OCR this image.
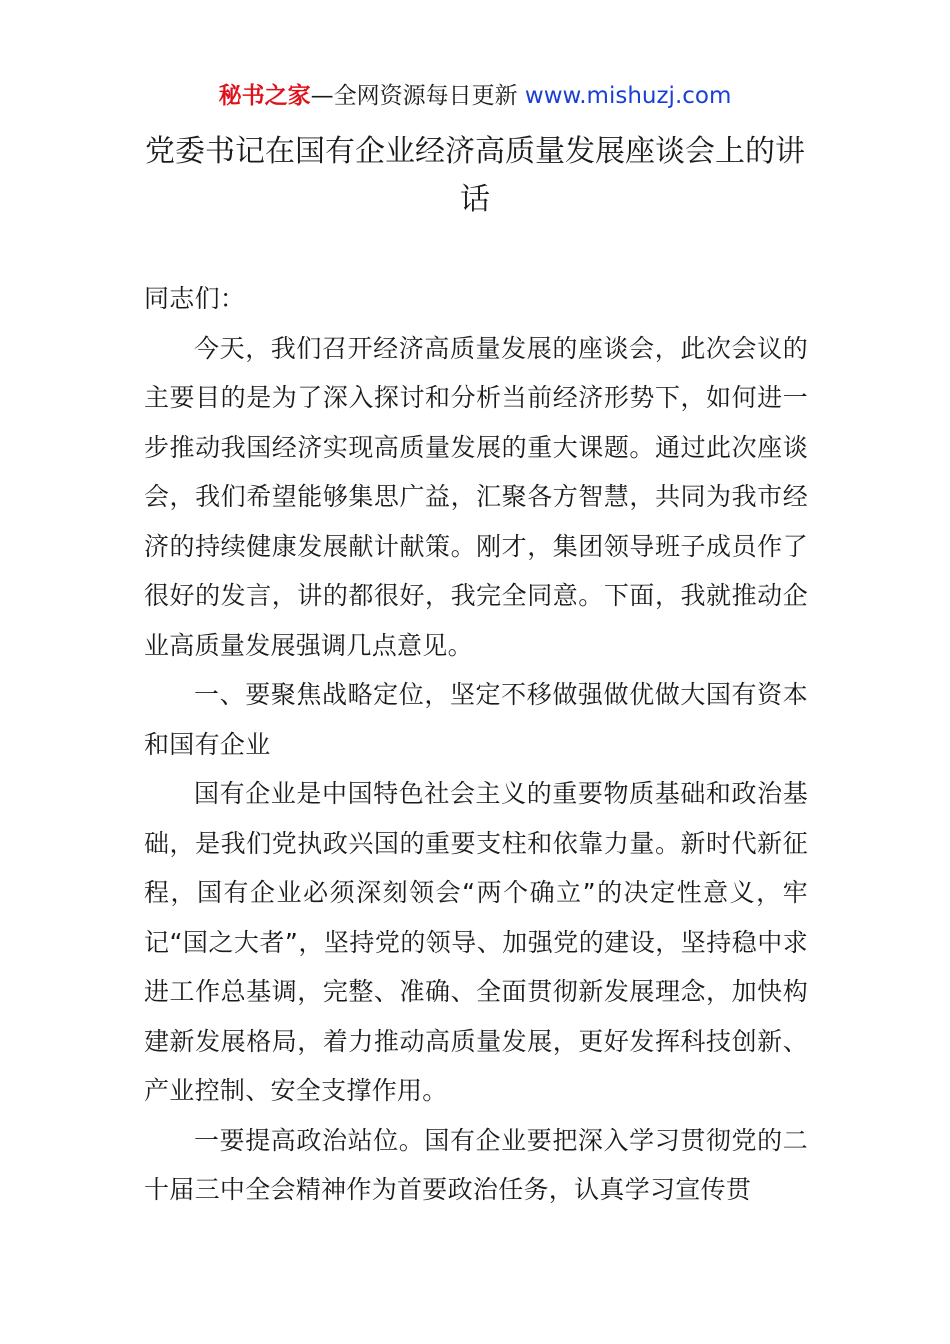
秘书之家—全网资源每日更新 www.mishuzj.com
党委书记在国有企业经济高质量发展座谈会上的讲话

同志们：

今天，我们召开经济高质量发展的座谈会，此次会议的主要目的是为了深入探讨和分析当前经济形势下，如何进一步推动我国经济实现高质量发展的重大课题。通过此次座谈会，我们希望能够集思广益，汇聚各方智慧，共同为我市经济的持续健康发展献计献策。刚才，集团领导班子成员作了很好的发言，讲的都很好，我完全同意。下面，我就推动企业高质量发展强调几点意见。

一、要聚焦战略定位，坚定不移做强做优做大国有资本和国有企业

国有企业是中国特色社会主义的重要物质基础和政治基础，是我们党执政兴国的重要支柱和依靠力量。新时代新征程，国有企业必须深刻领会“两个确立”的决定性意义，牢记“国之大者”，坚持党的领导、加强党的建设，坚持稳中求进工作总基调，完整、准确、全面贯彻新发展理念，加快构建新发展格局，着力推动高质量发展，更好发挥科技创新、产业控制、安全支撑作用。

一要提高政治站位。国有企业要把深入学习贯彻党的二十届三中全会精神作为首要政治任务，认真学习宣传贯
